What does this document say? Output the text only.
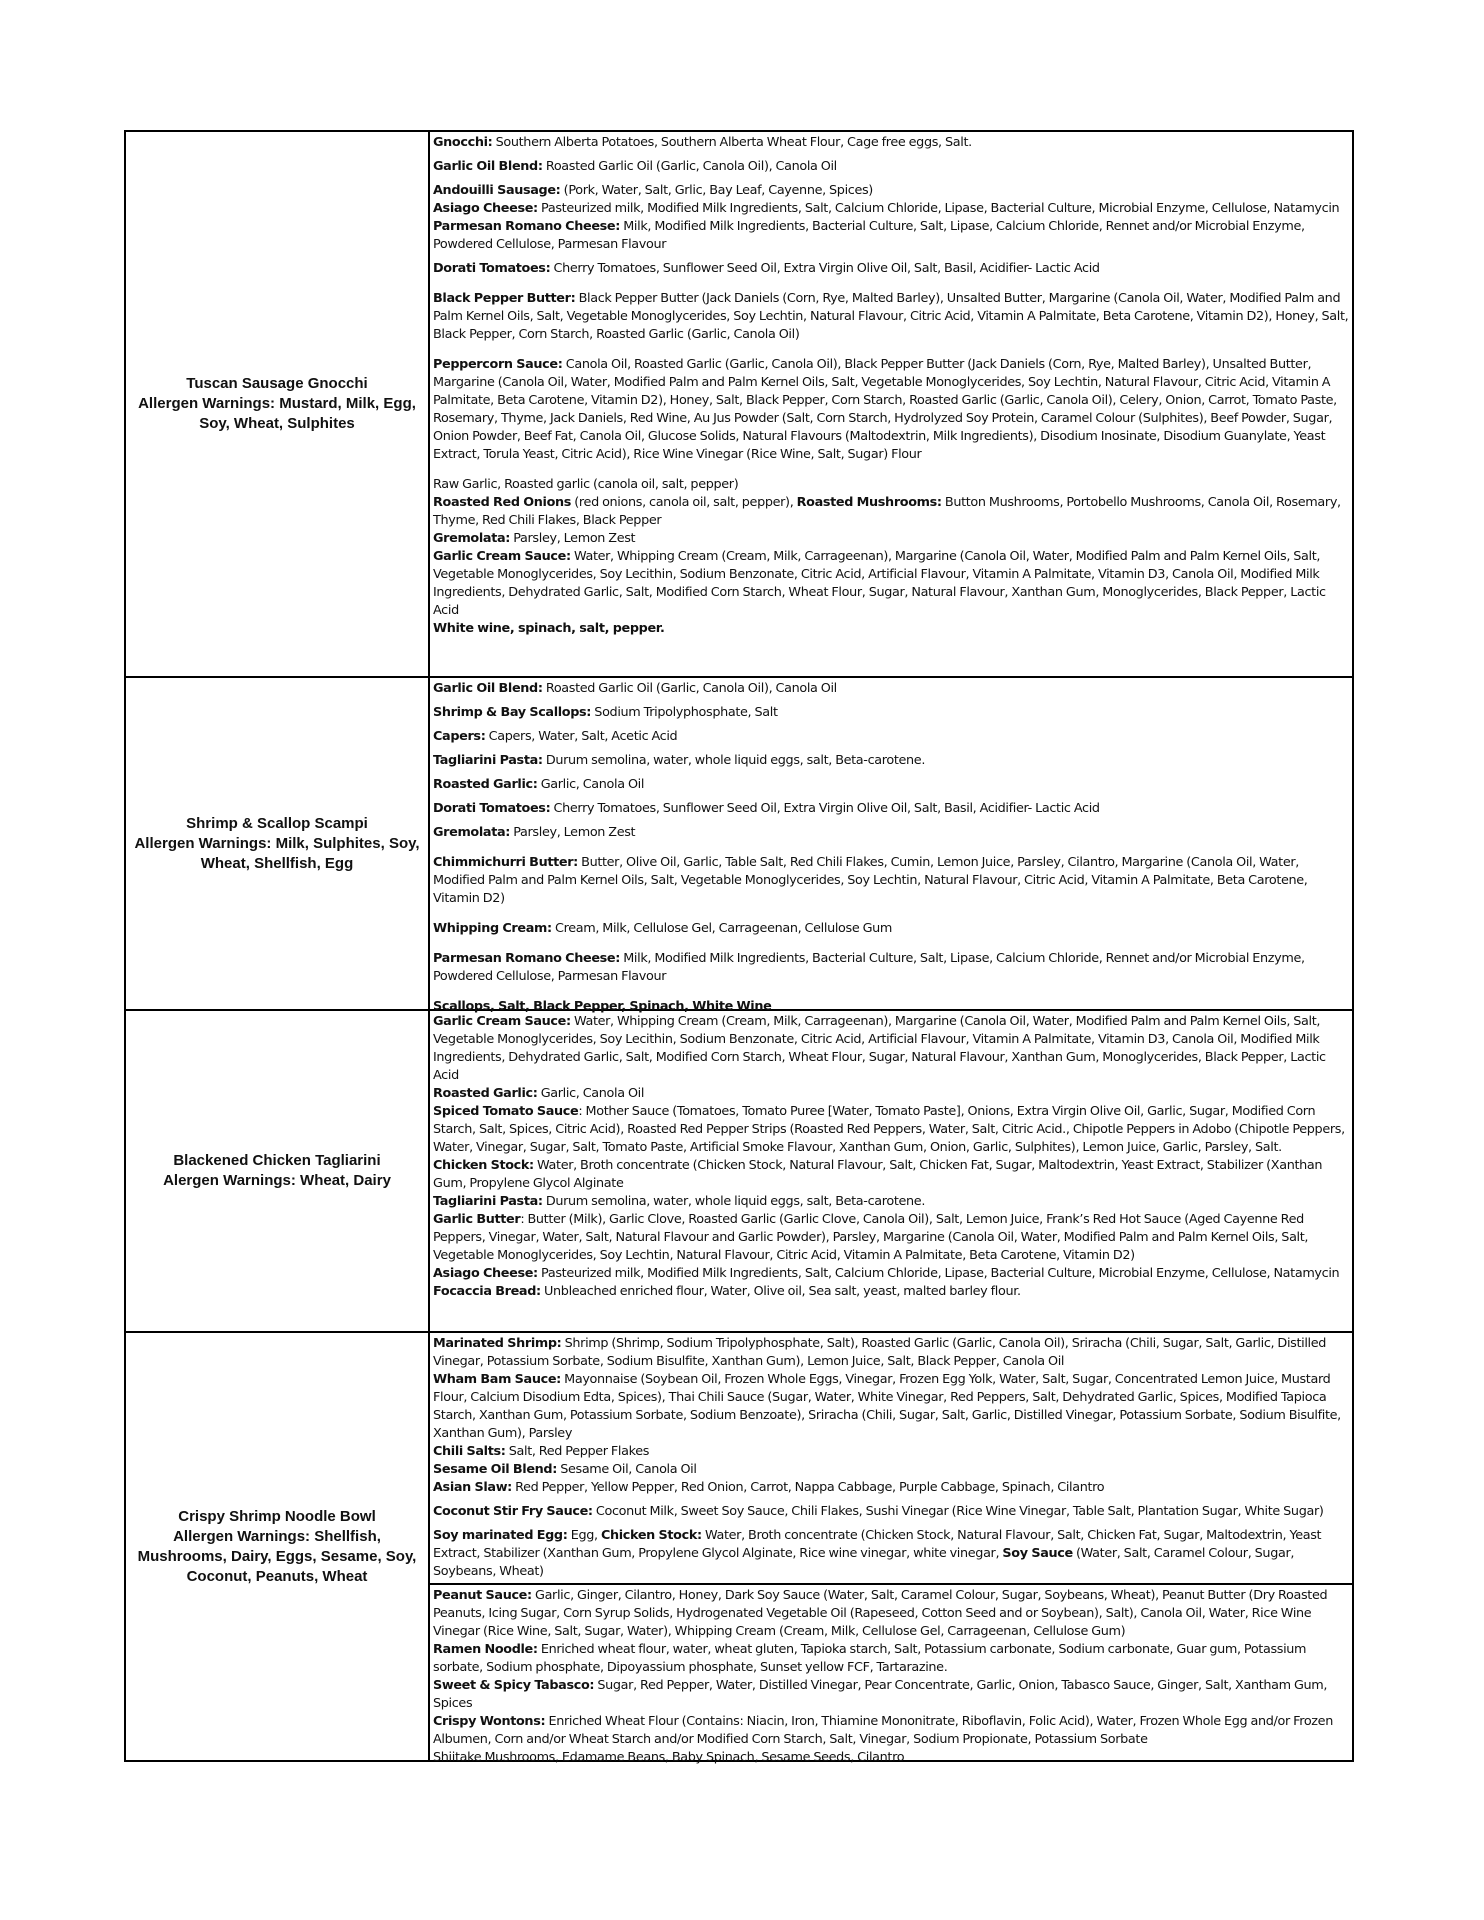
Tuscan Sausage Gnocchi
Allergen Warnings: Mustard, Milk, Egg, Soy, Wheat, Sulphites

Gnocchi: Southern Alberta Potatoes, Southern Alberta Wheat Flour, Cage free eggs, Salt.

Garlic Oil Blend: Roasted Garlic Oil (Garlic, Canola Oil), Canola Oil

Andouilli Sausage: (Pork, Water, Salt, Grlic, Bay Leaf, Cayenne, Spices)

Asiago Cheese: Pasteurized milk, Modified Milk Ingredients, Salt, Calcium Chloride, Lipase, Bacterial Culture, Microbial Enzyme, Cellulose, Natamycin

Parmesan Romano Cheese: Milk, Modified Milk Ingredients, Bacterial Culture, Salt, Lipase, Calcium Chloride, Rennet and/or Microbial Enzyme, Powdered Cellulose, Parmesan Flavour

Dorati Tomatoes: Cherry Tomatoes, Sunflower Seed Oil, Extra Virgin Olive Oil, Salt, Basil, Acidifier- Lactic Acid

Black Pepper Butter: Black Pepper Butter (Jack Daniels (Corn, Rye, Malted Barley), Unsalted Butter, Margarine (Canola Oil, Water, Modified Palm and Palm Kernel Oils, Salt, Vegetable Monoglycerides, Soy Lechtin, Natural Flavour, Citric Acid, Vitamin A Palmitate, Beta Carotene, Vitamin D2), Honey, Salt, Black Pepper, Corn Starch, Roasted Garlic (Garlic, Canola Oil)

Peppercorn Sauce: Canola Oil, Roasted Garlic (Garlic, Canola Oil), Black Pepper Butter (Jack Daniels (Corn, Rye, Malted Barley), Unsalted Butter, Margarine (Canola Oil, Water, Modified Palm and Palm Kernel Oils, Salt, Vegetable Monoglycerides, Soy Lechtin, Natural Flavour, Citric Acid, Vitamin A Palmitate, Beta Carotene, Vitamin D2), Honey, Salt, Black Pepper, Corn Starch, Roasted Garlic (Garlic, Canola Oil), Celery, Onion, Carrot, Tomato Paste, Rosemary, Thyme, Jack Daniels, Red Wine, Au Jus Powder (Salt, Corn Starch, Hydrolyzed Soy Protein, Caramel Colour (Sulphites), Beef Powder, Sugar, Onion Powder, Beef Fat, Canola Oil, Glucose Solids, Natural Flavours (Maltodextrin, Milk Ingredients), Disodium Inosinate, Disodium Guanylate, Yeast Extract, Torula Yeast, Citric Acid), Rice Wine Vinegar (Rice Wine, Salt, Sugar) Flour

Raw Garlic, Roasted garlic (canola oil, salt, pepper)

Roasted Red Onions (red onions, canola oil, salt, pepper), Roasted Mushrooms: Button Mushrooms, Portobello Mushrooms, Canola Oil, Rosemary, Thyme, Red Chili Flakes, Black Pepper

Gremolata: Parsley, Lemon Zest

Garlic Cream Sauce: Water, Whipping Cream (Cream, Milk, Carrageenan), Margarine (Canola Oil, Water, Modified Palm and Palm Kernel Oils, Salt, Vegetable Monoglycerides, Soy Lecithin, Sodium Benzonate, Citric Acid, Artificial Flavour, Vitamin A Palmitate, Vitamin D3, Canola Oil, Modified Milk Ingredients, Dehydrated Garlic, Salt, Modified Corn Starch, Wheat Flour, Sugar, Natural Flavour, Xanthan Gum, Monoglycerides, Black Pepper, Lactic Acid

White wine, spinach, salt, pepper.

Shrimp & Scallop Scampi
Allergen Warnings: Milk, Sulphites, Soy, Wheat, Shellfish, Egg

Garlic Oil Blend: Roasted Garlic Oil (Garlic, Canola Oil), Canola Oil

Shrimp & Bay Scallops: Sodium Tripolyphosphate, Salt

Capers: Capers, Water, Salt, Acetic Acid

Tagliarini Pasta: Durum semolina, water, whole liquid eggs, salt, Beta-carotene.

Roasted Garlic: Garlic, Canola Oil

Dorati Tomatoes: Cherry Tomatoes, Sunflower Seed Oil, Extra Virgin Olive Oil, Salt, Basil, Acidifier- Lactic Acid

Gremolata: Parsley, Lemon Zest

Chimmichurri Butter: Butter, Olive Oil, Garlic, Table Salt, Red Chili Flakes, Cumin, Lemon Juice, Parsley, Cilantro, Margarine (Canola Oil, Water, Modified Palm and Palm Kernel Oils, Salt, Vegetable Monoglycerides, Soy Lechtin, Natural Flavour, Citric Acid, Vitamin A Palmitate, Beta Carotene, Vitamin D2)

Whipping Cream: Cream, Milk, Cellulose Gel, Carrageenan, Cellulose Gum

Parmesan Romano Cheese: Milk, Modified Milk Ingredients, Bacterial Culture, Salt, Lipase, Calcium Chloride, Rennet and/or Microbial Enzyme, Powdered Cellulose, Parmesan Flavour

Scallops, Salt, Black Pepper, Spinach, White Wine

Blackened Chicken Tagliarini
Alergen Warnings: Wheat, Dairy

Garlic Cream Sauce: Water, Whipping Cream (Cream, Milk, Carrageenan), Margarine (Canola Oil, Water, Modified Palm and Palm Kernel Oils, Salt, Vegetable Monoglycerides, Soy Lecithin, Sodium Benzonate, Citric Acid, Artificial Flavour, Vitamin A Palmitate, Vitamin D3, Canola Oil, Modified Milk Ingredients, Dehydrated Garlic, Salt, Modified Corn Starch, Wheat Flour, Sugar, Natural Flavour, Xanthan Gum, Monoglycerides, Black Pepper, Lactic Acid

Roasted Garlic: Garlic, Canola Oil

Spiced Tomato Sauce: Mother Sauce (Tomatoes, Tomato Puree [Water, Tomato Paste], Onions, Extra Virgin Olive Oil, Garlic, Sugar, Modified Corn Starch, Salt, Spices, Citric Acid), Roasted Red Pepper Strips (Roasted Red Peppers, Water, Salt, Citric Acid., Chipotle Peppers in Adobo (Chipotle Peppers, Water, Vinegar, Sugar, Salt, Tomato Paste, Artificial Smoke Flavour, Xanthan Gum, Onion, Garlic, Sulphites), Lemon Juice, Garlic, Parsley, Salt.

Chicken Stock: Water, Broth concentrate (Chicken Stock, Natural Flavour, Salt, Chicken Fat, Sugar, Maltodextrin, Yeast Extract, Stabilizer (Xanthan Gum, Propylene Glycol Alginate

Tagliarini Pasta: Durum semolina, water, whole liquid eggs, salt, Beta-carotene.

Garlic Butter: Butter (Milk), Garlic Clove, Roasted Garlic (Garlic Clove, Canola Oil), Salt, Lemon Juice, Frank’s Red Hot Sauce (Aged Cayenne Red Peppers, Vinegar, Water, Salt, Natural Flavour and Garlic Powder), Parsley, Margarine (Canola Oil, Water, Modified Palm and Palm Kernel Oils, Salt, Vegetable Monoglycerides, Soy Lechtin, Natural Flavour, Citric Acid, Vitamin A Palmitate, Beta Carotene, Vitamin D2)

Asiago Cheese: Pasteurized milk, Modified Milk Ingredients, Salt, Calcium Chloride, Lipase, Bacterial Culture, Microbial Enzyme, Cellulose, Natamycin

Focaccia Bread: Unbleached enriched flour, Water, Olive oil, Sea salt, yeast, malted barley flour.

Crispy Shrimp Noodle Bowl
Allergen Warnings: Shellfish, Mushrooms, Dairy, Eggs, Sesame, Soy, Coconut, Peanuts, Wheat

Marinated Shrimp: Shrimp (Shrimp, Sodium Tripolyphosphate, Salt), Roasted Garlic (Garlic, Canola Oil), Sriracha (Chili, Sugar, Salt, Garlic, Distilled Vinegar, Potassium Sorbate, Sodium Bisulfite, Xanthan Gum), Lemon Juice, Salt, Black Pepper, Canola Oil

Wham Bam Sauce: Mayonnaise (Soybean Oil, Frozen Whole Eggs, Vinegar, Frozen Egg Yolk, Water, Salt, Sugar, Concentrated Lemon Juice, Mustard Flour, Calcium Disodium Edta, Spices), Thai Chili Sauce (Sugar, Water, White Vinegar, Red Peppers, Salt, Dehydrated Garlic, Spices, Modified Tapioca Starch, Xanthan Gum, Potassium Sorbate, Sodium Benzoate), Sriracha (Chili, Sugar, Salt, Garlic, Distilled Vinegar, Potassium Sorbate, Sodium Bisulfite, Xanthan Gum), Parsley

Chili Salts: Salt, Red Pepper Flakes

Sesame Oil Blend: Sesame Oil, Canola Oil

Asian Slaw: Red Pepper, Yellow Pepper, Red Onion, Carrot, Nappa Cabbage, Purple Cabbage, Spinach, Cilantro

Coconut Stir Fry Sauce: Coconut Milk, Sweet Soy Sauce, Chili Flakes, Sushi Vinegar (Rice Wine Vinegar, Table Salt, Plantation Sugar, White Sugar)

Soy marinated Egg: Egg, Chicken Stock: Water, Broth concentrate (Chicken Stock, Natural Flavour, Salt, Chicken Fat, Sugar, Maltodextrin, Yeast Extract, Stabilizer (Xanthan Gum, Propylene Glycol Alginate, Rice wine vinegar, white vinegar, Soy Sauce (Water, Salt, Caramel Colour, Sugar, Soybeans, Wheat)

Peanut Sauce: Garlic, Ginger, Cilantro, Honey, Dark Soy Sauce (Water, Salt, Caramel Colour, Sugar, Soybeans, Wheat), Peanut Butter (Dry Roasted Peanuts, Icing Sugar, Corn Syrup Solids, Hydrogenated Vegetable Oil (Rapeseed, Cotton Seed and or Soybean), Salt), Canola Oil, Water, Rice Wine Vinegar (Rice Wine, Salt, Sugar, Water), Whipping Cream (Cream, Milk, Cellulose Gel, Carrageenan, Cellulose Gum)

Ramen Noodle: Enriched wheat flour, water, wheat gluten, Tapioka starch, Salt, Potassium carbonate, Sodium carbonate, Guar gum, Potassium sorbate, Sodium phosphate, Dipoyassium phosphate, Sunset yellow FCF, Tartarazine.

Sweet & Spicy Tabasco: Sugar, Red Pepper, Water, Distilled Vinegar, Pear Concentrate, Garlic, Onion, Tabasco Sauce, Ginger, Salt, Xantham Gum, Spices

Crispy Wontons: Enriched Wheat Flour (Contains: Niacin, Iron, Thiamine Mononitrate, Riboflavin, Folic Acid), Water, Frozen Whole Egg and/or Frozen Albumen, Corn and/or Wheat Starch and/or Modified Corn Starch, Salt, Vinegar, Sodium Propionate, Potassium Sorbate

Shiitake Mushrooms, Edamame Beans, Baby Spinach, Sesame Seeds, Cilantro
